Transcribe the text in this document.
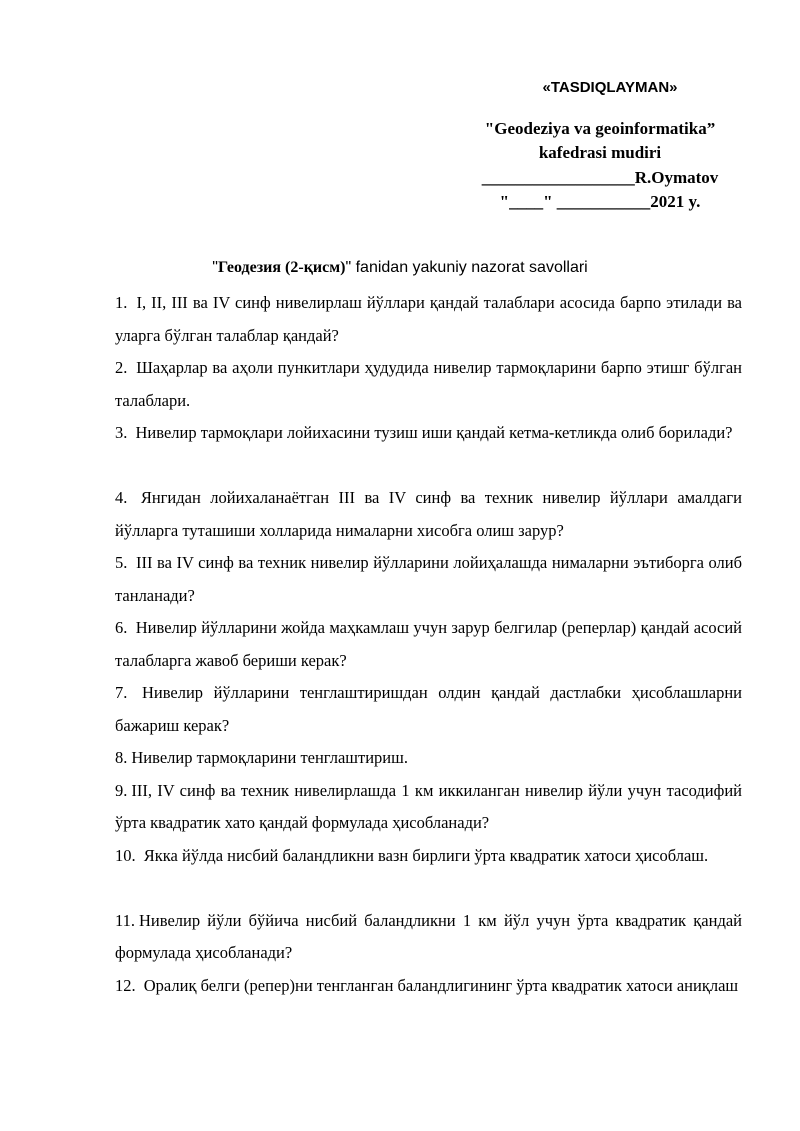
«TASDIQLAYMAN»
"Geodeziya va geoinformatika”
kafedrasi mudiri
__________________R.Oymatov
"____" ___________2021 y.
"Геодезия (2-қисм)" fanidan yakuniy nazorat savollari
1. I, II, III ва IV синф нивелирлаш йўллари қандай талаблари асосида барпо этилади ва уларга бўлган талаблар қандай?
2. Шаҳарлар ва аҳоли пункитлари ҳудудида нивелир тармоқларини барпо этишг бўлган талаблари.
3. Нивелир тармоқлари лойихасини тузиш иши қандай кетма-кетликда олиб борилади?
4. Янгидан лойихаланаётган III ва IV синф ва техник нивелир йўллари амалдаги йўлларга туташиши холларида нималарни хисобга олиш зарур?
5. III ва IV синф ва техник нивелир йўлларини лойиҳалашда нималарни эътиборга олиб танланади?
6. Нивелир йўлларини жойда маҳкамлаш учун зарур белгилар (реперлар) қандай асосий талабларга жавоб бериши керак?
7. Нивелир йўлларини тенглаштиришдан олдин қандай дастлабки ҳисоблашларни бажариш керак?
8. Нивелир тармоқларини тенглаштириш.
9. III, IV синф ва техник нивелирлашда 1 км иккиланган нивелир йўли учун тасодифий ўрта квадратик хато қандай формулада ҳисобланади?
10. Якка йўлда нисбий баландликни вазн бирлиги ўрта квадратик хатоси ҳисоблаш.
11. Нивелир йўли бўйича нисбий баландликни 1 км йўл учун ўрта квадратик қандай формулада ҳисобланади?
12. Оралиқ белги (репер)ни тенгланган баландлигининг ўрта квадратик хатоси аниқлаш
